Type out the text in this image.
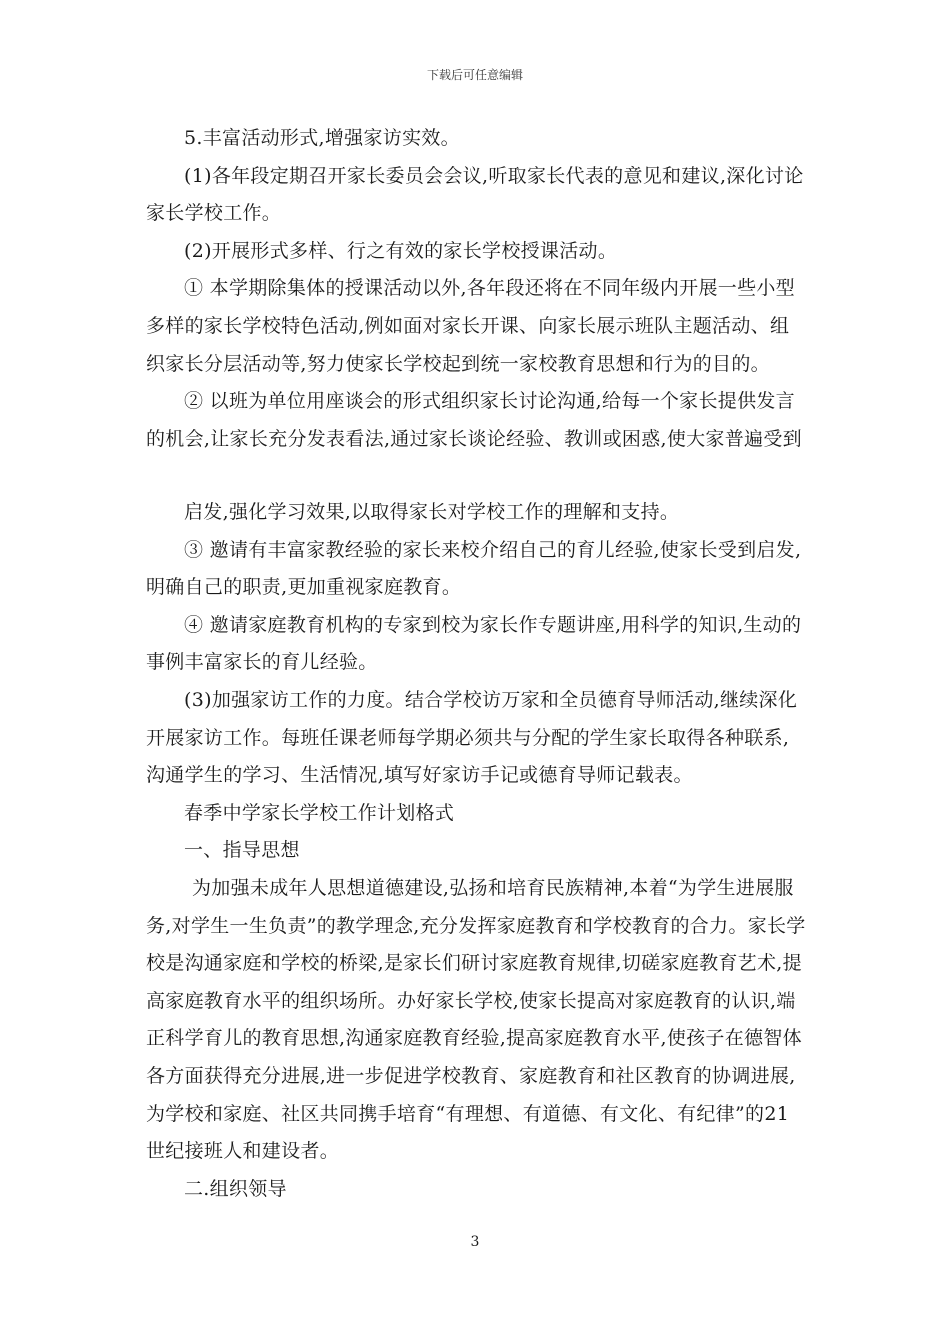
下载后可任意编辑

5.丰富活动形式,增强家访实效。

(1)各年段定期召开家长委员会会议,听取家长代表的意见和建议,深化讨论家长学校工作。

(2)开展形式多样、行之有效的家长学校授课活动。

① 本学期除集体的授课活动以外,各年段还将在不同年级内开展一些小型多样的家长学校特色活动,例如面对家长开课、向家长展示班队主题活动、组织家长分层活动等,努力使家长学校起到统一家校教育思想和行为的目的。

② 以班为单位用座谈会的形式组织家长讨论沟通,给每一个家长提供发言的机会,让家长充分发表看法,通过家长谈论经验、教训或困惑,使大家普遍受到

启发,强化学习效果,以取得家长对学校工作的理解和支持。

③ 邀请有丰富家教经验的家长来校介绍自己的育儿经验,使家长受到启发,明确自己的职责,更加重视家庭教育。

④ 邀请家庭教育机构的专家到校为家长作专题讲座,用科学的知识,生动的事例丰富家长的育儿经验。

(3)加强家访工作的力度。结合学校访万家和全员德育导师活动,继续深化开展家访工作。每班任课老师每学期必须共与分配的学生家长取得各种联系,沟通学生的学习、生活情况,填写好家访手记或德育导师记载表。

春季中学家长学校工作计划格式

一、指导思想

为加强未成年人思想道德建设,弘扬和培育民族精神,本着“为学生进展服务,对学生一生负责”的教学理念,充分发挥家庭教育和学校教育的合力。家长学校是沟通家庭和学校的桥梁,是家长们研讨家庭教育规律,切磋家庭教育艺术,提高家庭教育水平的组织场所。办好家长学校,使家长提高对家庭教育的认识,端正科学育儿的教育思想,沟通家庭教育经验,提高家庭教育水平,使孩子在德智体各方面获得充分进展,进一步促进学校教育、家庭教育和社区教育的协调进展,为学校和家庭、社区共同携手培育“有理想、有道德、有文化、有纪律”的21世纪接班人和建设者。

二.组织领导

3
